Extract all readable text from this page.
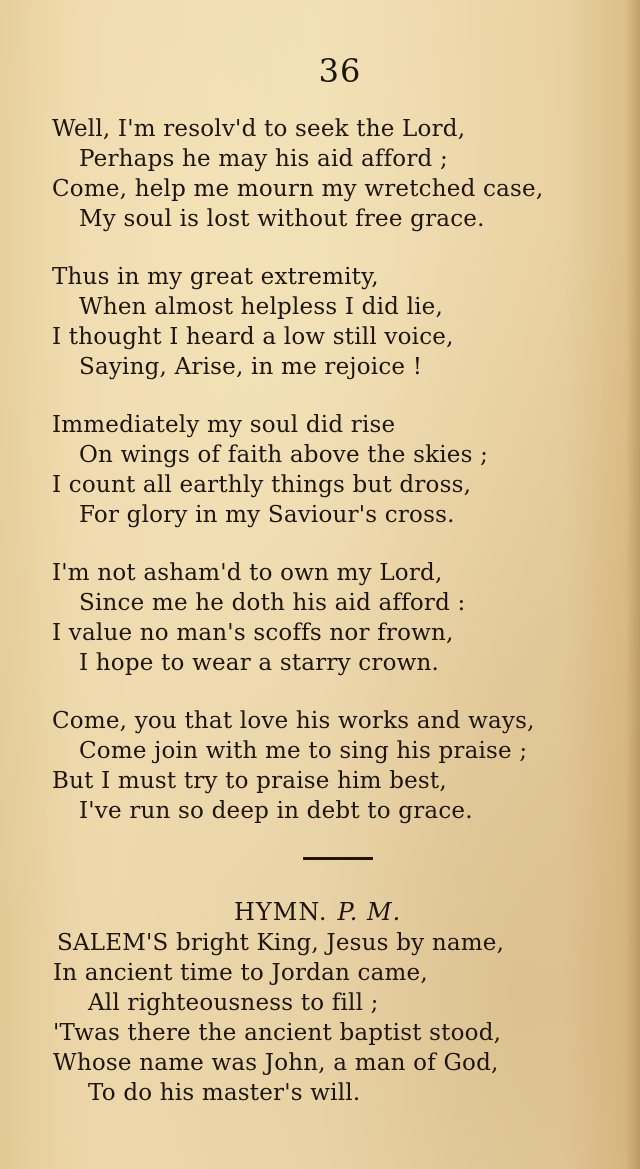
36
Well, I'm resolv'd to seek the Lord,
Perhaps he may his aid afford ;
Come, help me mourn my wretched case,
My soul is lost without free grace.
Thus in my great extremity,
When almost helpless I did lie,
I thought I heard a low still voice,
Saying, Arise, in me rejoice !
Immediately my soul did rise
On wings of faith above the skies ;
I count all earthly things but dross,
For glory in my Saviour's cross.
I'm not asham'd to own my Lord,
Since me he doth his aid afford :
I value no man's scoffs nor frown,
I hope to wear a starry crown.
Come, you that love his works and ways,
Come join with me to sing his praise ;
But I must try to praise him best,
I've run so deep in debt to grace.
HYMN. P. M.
SALEM'S bright King, Jesus by name,
In ancient time to Jordan came,
All righteousness to fill ;
'Twas there the ancient baptist stood,
Whose name was John, a man of God,
To do his master's will.
